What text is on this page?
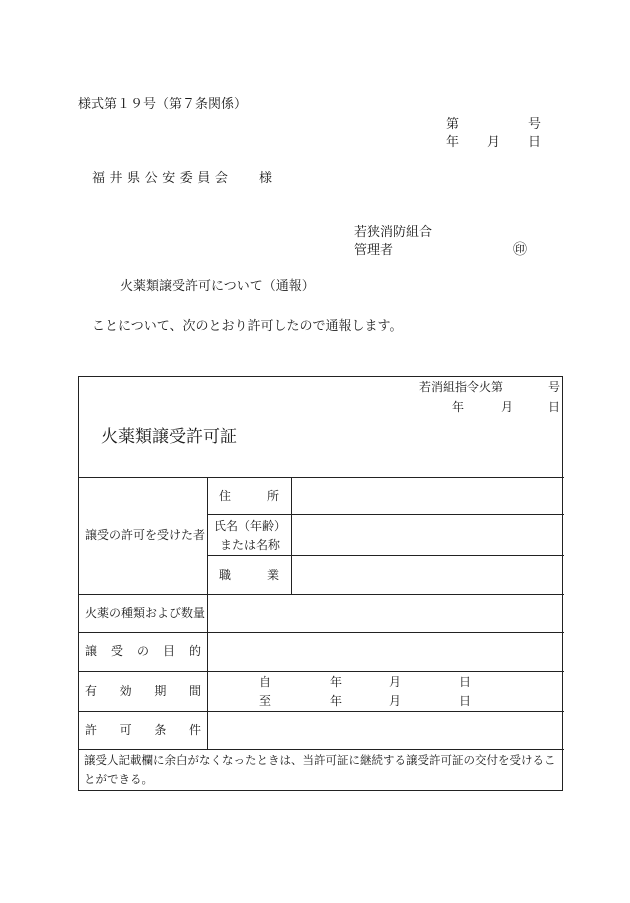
様式第１９号（第７条関係）
第	号
年 月 日
福井県公安委員会 様
若狭消防組合
管理者	㊞
火薬類譲受許可について（通報）
ことについて、次のとおり許可したので通報します。
若消組指令火第	号
年	月	日
火薬類譲受許可証
譲受の許可を受けた者
住	所
氏名（年齢）
または名称
職	業
火薬の種類および数量
譲 受 の 目 的
有 効 期 間
自	年	月	日
至	年	月	日
許 可 条 件
譲受人記載欄に余白がなくなったときは、当許可証に継続する譲受許可証の交付を受けるこ
とができる。
